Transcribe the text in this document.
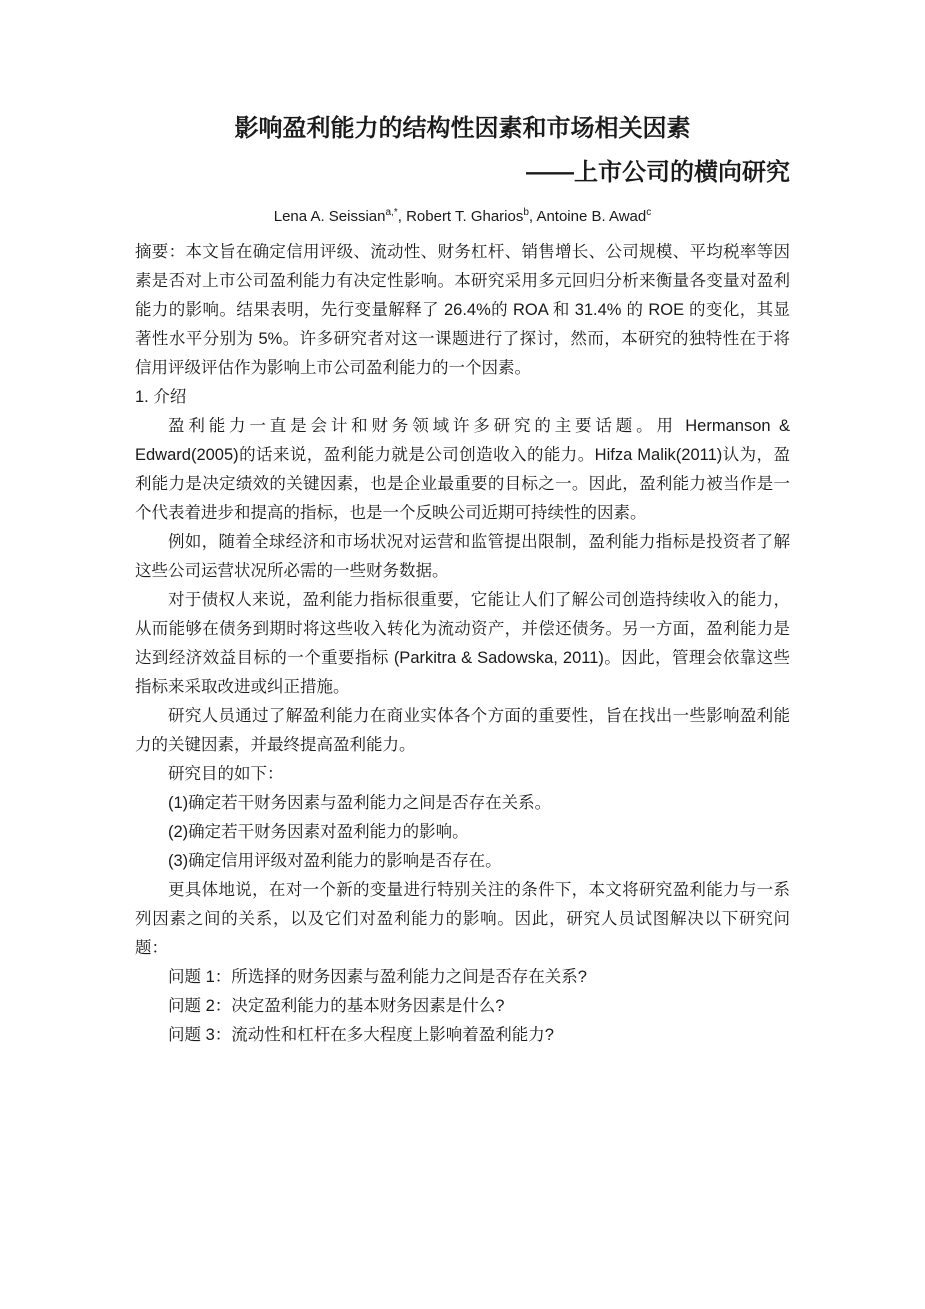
影响盈利能力的结构性因素和市场相关因素
——上市公司的横向研究
Lena A. Seissian$^{a,*}$, Robert T. Gharios$^b$, Antoine B. Awad$^c$

摘要：本文旨在确定信用评级、流动性、财务杠杆、销售增长、公司规模、平均税率等因素是否对上市公司盈利能力有决定性影响。本研究采用多元回归分析来衡量各变量对盈利能力的影响。结果表明，先行变量解释了 26.4%的 ROA 和 31.4% 的 ROE 的变化，其显著性水平分别为 5%。许多研究者对这一课题进行了探讨，然而，本研究的独特性在于将信用评级评估作为影响上市公司盈利能力的一个因素。

1. 介绍

盈利能力一直是会计和财务领域许多研究的主要话题。用 Hermanson & Edward(2005)的话来说，盈利能力就是公司创造收入的能力。Hifza Malik(2011)认为，盈利能力是决定绩效的关键因素，也是企业最重要的目标之一。因此，盈利能力被当作是一个代表着进步和提高的指标，也是一个反映公司近期可持续性的因素。

例如，随着全球经济和市场状况对运营和监管提出限制，盈利能力指标是投资者了解这些公司运营状况所必需的一些财务数据。

对于债权人来说，盈利能力指标很重要，它能让人们了解公司创造持续收入的能力，从而能够在债务到期时将这些收入转化为流动资产，并偿还债务。另一方面，盈利能力是达到经济效益目标的一个重要指标 (Parkitra & Sadowska, 2011)。因此，管理会依靠这些指标来采取改进或纠正措施。

研究人员通过了解盈利能力在商业实体各个方面的重要性，旨在找出一些影响盈利能力的关键因素，并最终提高盈利能力。

研究目的如下：

(1)确定若干财务因素与盈利能力之间是否存在关系。

(2)确定若干财务因素对盈利能力的影响。

(3)确定信用评级对盈利能力的影响是否存在。

更具体地说，在对一个新的变量进行特别关注的条件下，本文将研究盈利能力与一系列因素之间的关系，以及它们对盈利能力的影响。因此，研究人员试图解决以下研究问题：

问题 1：所选择的财务因素与盈利能力之间是否存在关系?

问题 2：决定盈利能力的基本财务因素是什么?

问题 3：流动性和杠杆在多大程度上影响着盈利能力?
